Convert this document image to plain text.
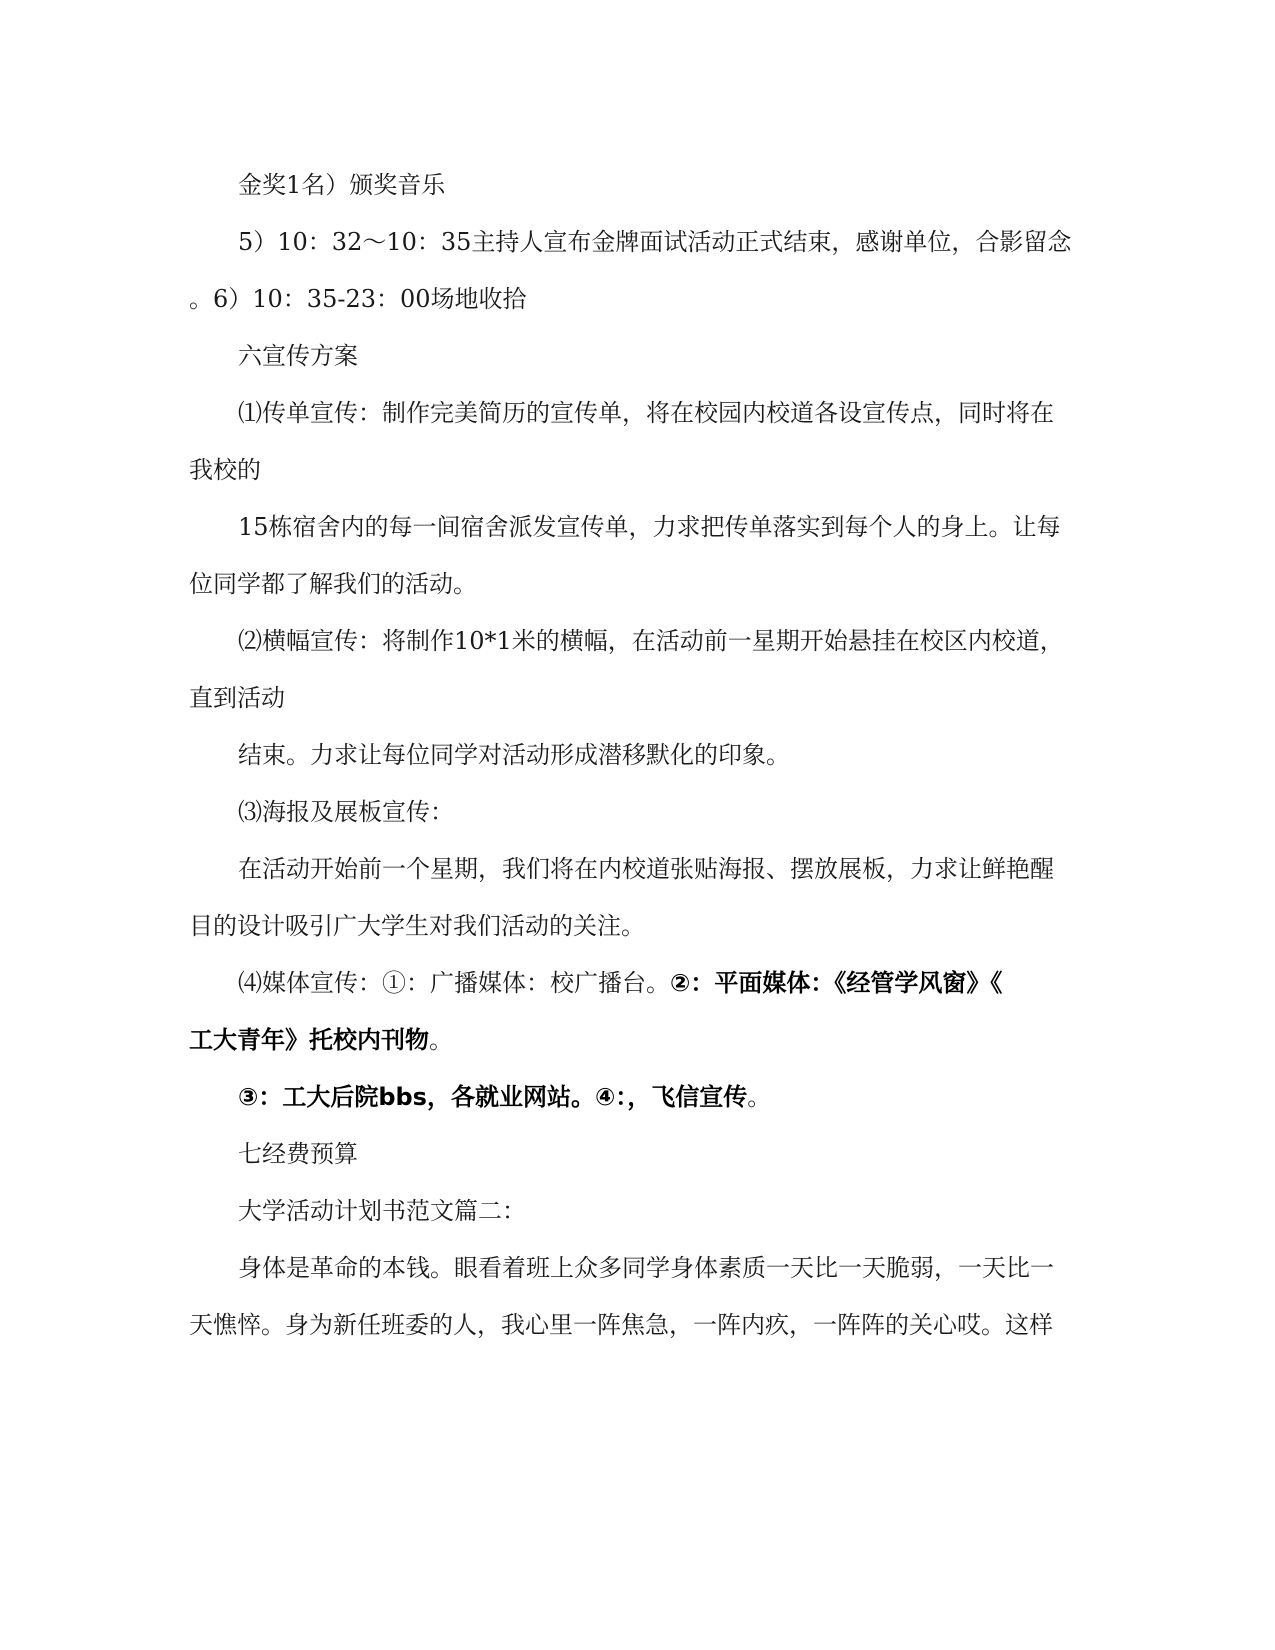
金奖1名）颁奖音乐
5）10：32～10：35主持人宣布金牌面试活动正式结束，感谢单位，合影留念
。6）10：35-23：00场地收拾
六宣传方案
⑴传单宣传：制作完美简历的宣传单，将在校园内校道各设宣传点，同时将在
我校的
15栋宿舍内的每一间宿舍派发宣传单，力求把传单落实到每个人的身上。让每
位同学都了解我们的活动。
⑵横幅宣传：将制作10*1米的横幅，在活动前一星期开始悬挂在校区内校道，
直到活动
结束。力求让每位同学对活动形成潜移默化的印象。
⑶海报及展板宣传：
在活动开始前一个星期，我们将在内校道张贴海报、摆放展板，力求让鲜艳醒
目的设计吸引广大学生对我们活动的关注。
⑷媒体宣传：①：广播媒体：校广播台。②：平面媒体：《经管学风窗》《
工大青年》托校内刊物。
③：工大后院bbs，各就业网站。④：，飞信宣传。
七经费预算
大学活动计划书范文篇二：
身体是革命的本钱。眼看着班上众多同学身体素质一天比一天脆弱，一天比一
天憔悴。身为新任班委的人，我心里一阵焦急，一阵内疚，一阵阵的关心哎。这样
